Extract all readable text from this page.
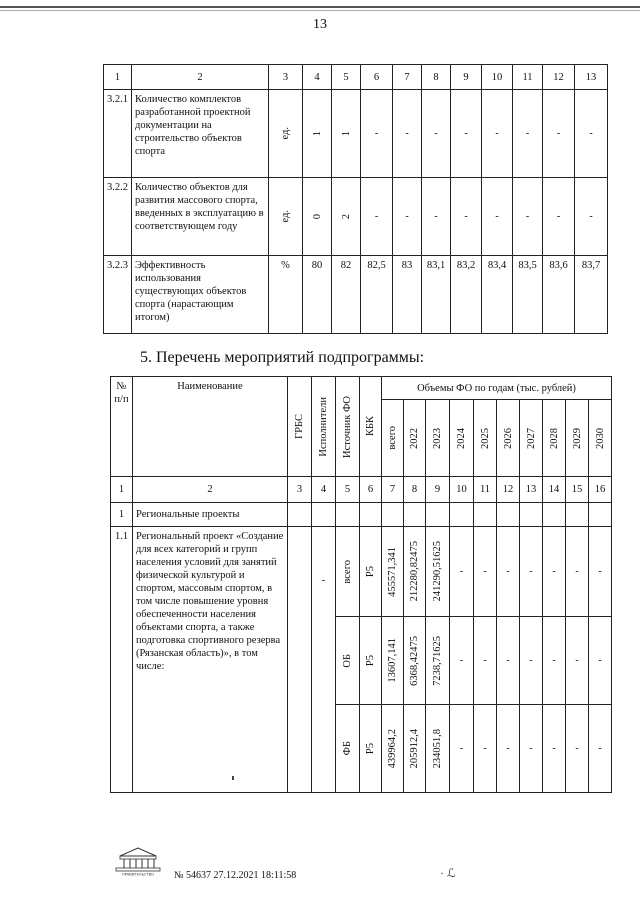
13
1	2	3	4	5	6	7	8	9	10	11	12	13
3.2.1	Количество комплектов разработанной проектной документации на строительство объектов спорта	ед.	1	1	-	-	-	-	-	-	-	-
3.2.2	Количество объектов для развития массового спорта, введенных в эксплуатацию в соответствующем году	ед.	0	2	-	-	-	-	-	-	-	-
3.2.3	Эффективность использования существующих объектов спорта (нарастающим итогом)	%	80	82	82,5	83	83,1	83,2	83,4	83,5	83,6	83,7
5. Перечень мероприятий подпрограммы:
№ п/п	Наименование	ГРБС	Исполнители	Источник ФО	КБК	Объемы ФО по годам (тыс. рублей)									

						всего	2022	2023	2024	2025	2026	2027	2028	2029	2030

1	2	3	4	5	6	7	8	9	10	11	12	13	14	15	16
1	Региональные проекты														
1.1	Региональный проект «Создание для всех категорий и групп населения условий для занятий физической культурой и спортом, массовым спортом, в том числе повышение уровня обеспеченности населения объектами спорта, а также подготовка спортивного резерва (Рязанская область)», в том числе:		-	всего	P5	455571,341	212280,82475	241290,51625	-	-	-	-	-	-	-

				ОБ	P5	13607,141	6368,42475	7238,71625	-	-	-	-	-	-	-

				ФБ	P5	439964,2	205912,4	234051,8	-	-	-	-	-	-	-
ПРАВИТЕЛЬСТВО № 54637 27.12.2021 18:11:58	· ℒ
